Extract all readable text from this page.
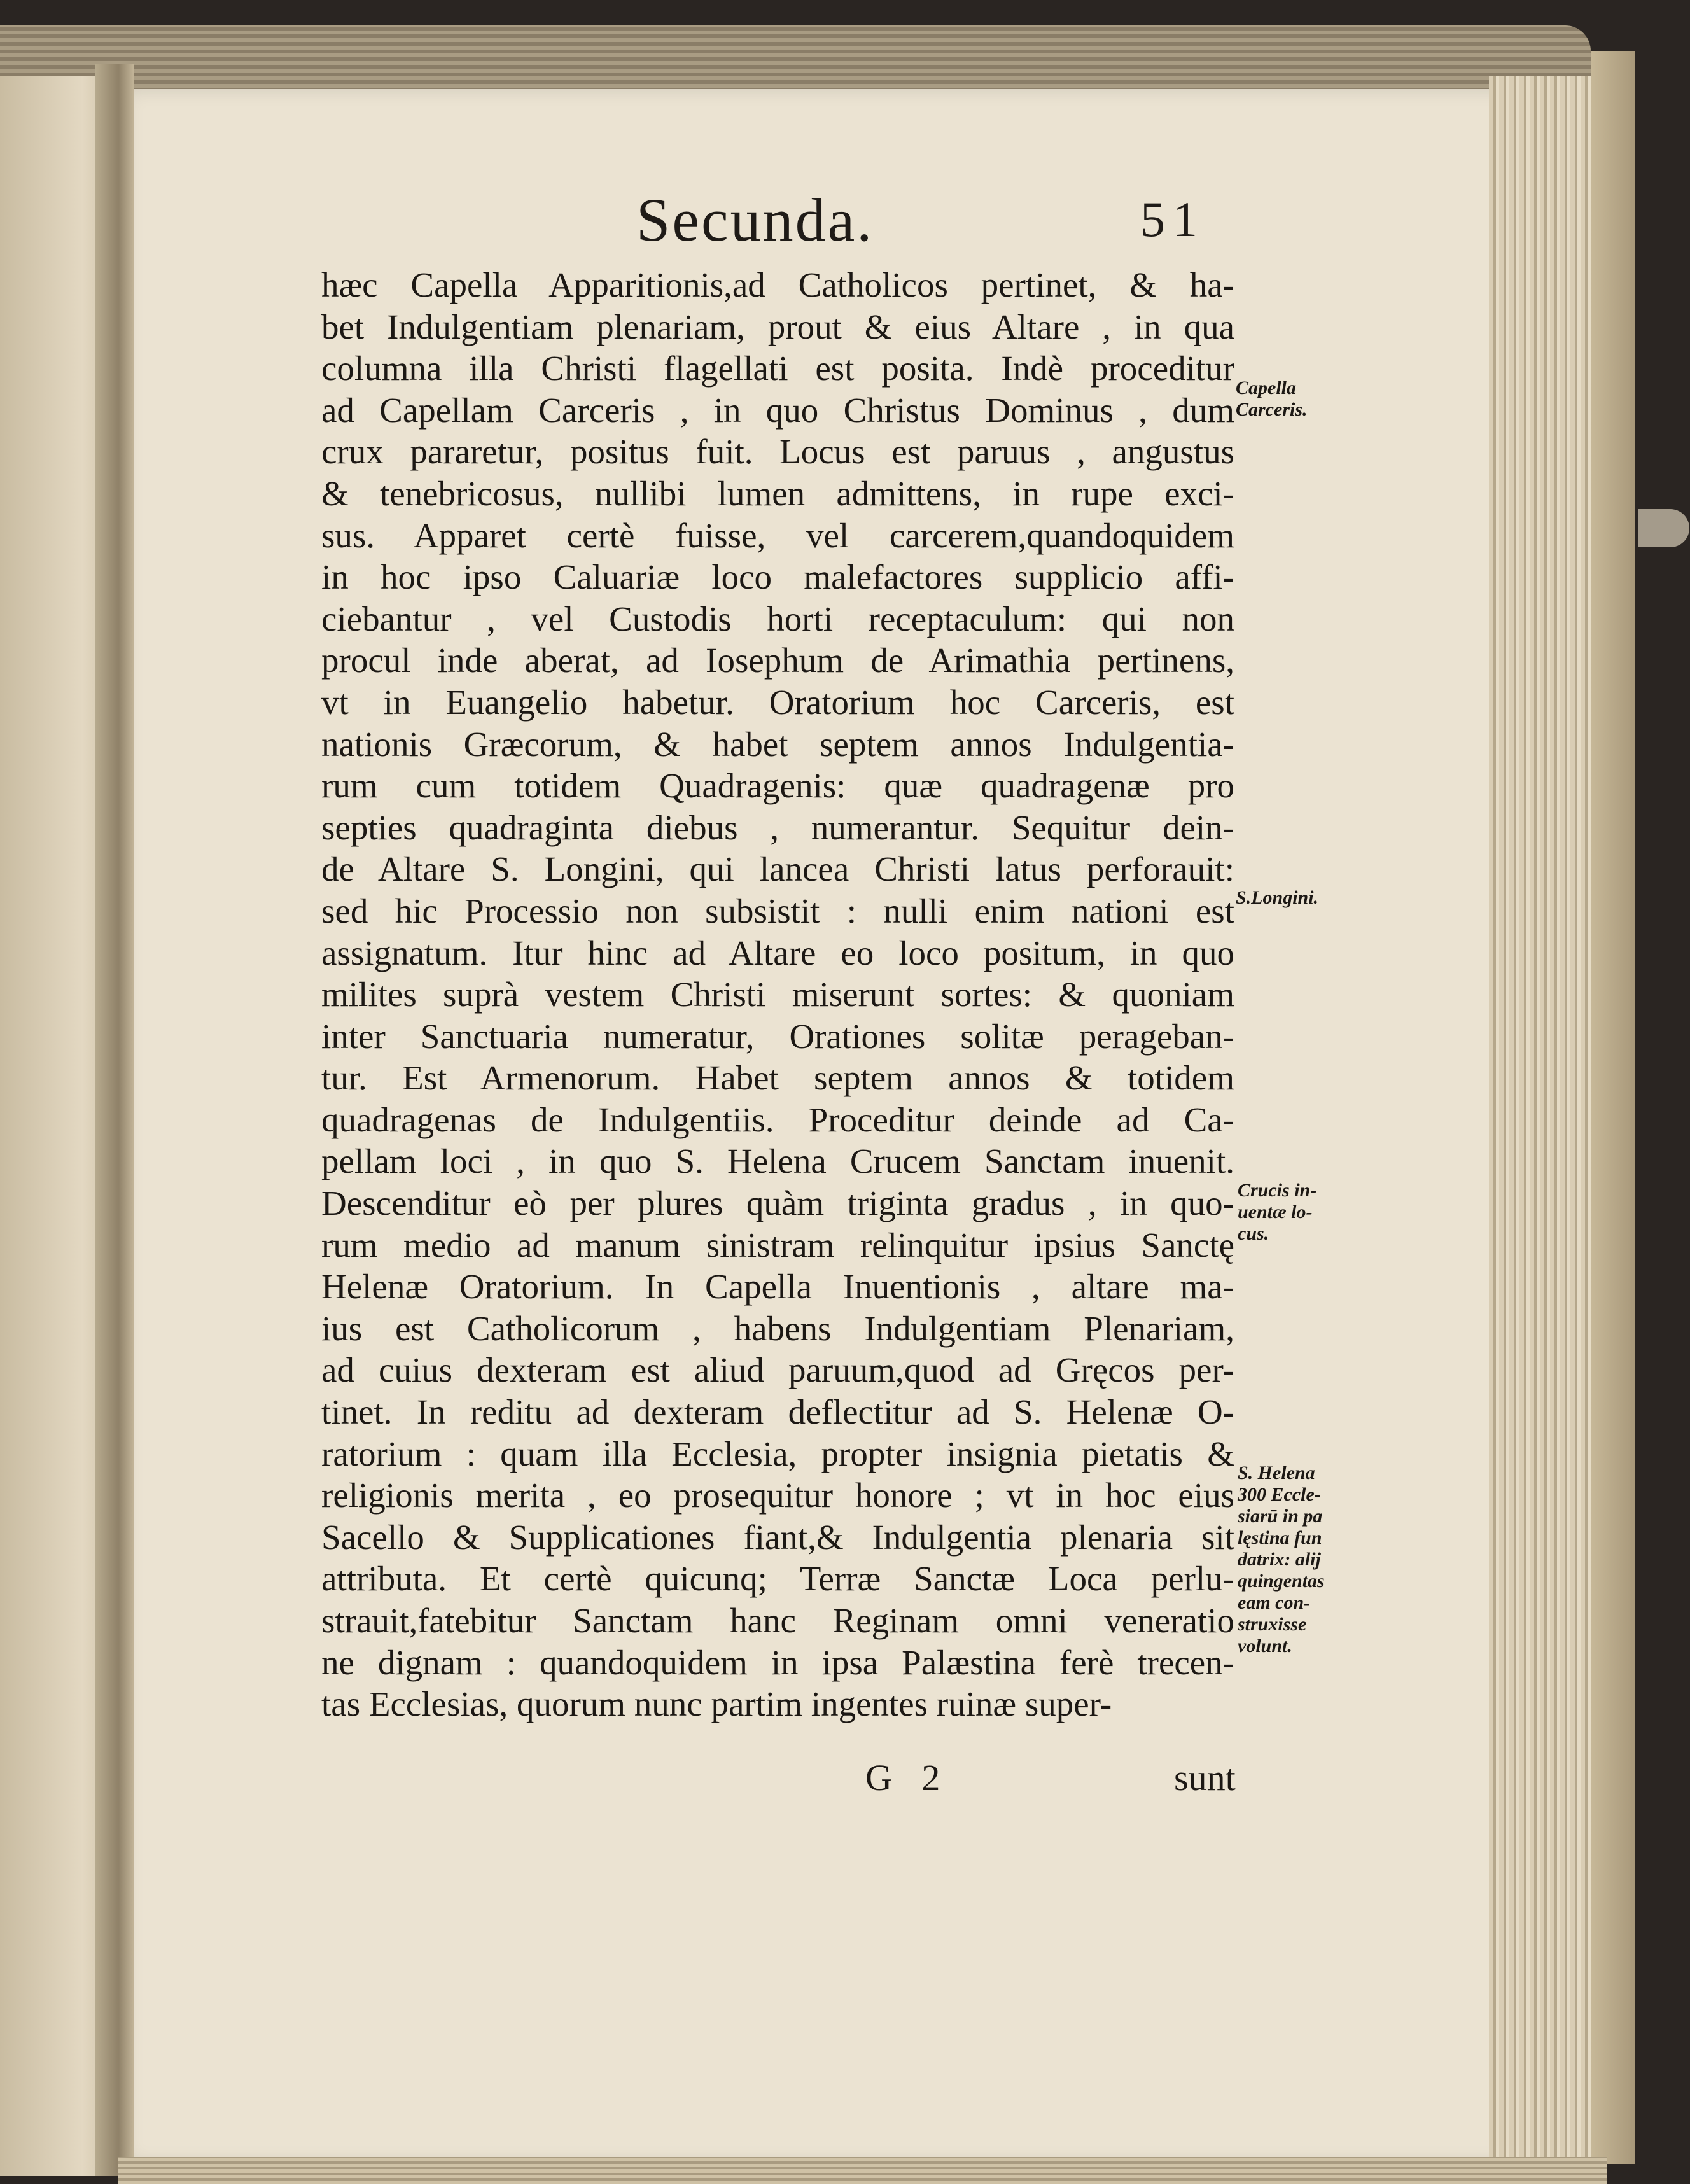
Secunda.	51
hæc Capella Apparitionis,ad Catholicos pertinet, & ha-
bet Indulgentiam plenariam, prout & eius Altare , in qua
columna illa Christi flagellati est posita. Indè proceditur
ad Capellam Carceris , in quo Christus Dominus , dum
crux pararetur, positus fuit. Locus est paruus , angustus
& tenebricosus, nullibi lumen admittens, in rupe exci-
sus. Apparet certè fuisse, vel carcerem,quandoquidem
in hoc ipso Caluariæ loco malefactores supplicio affi-
ciebantur , vel Custodis horti receptaculum: qui non
procul inde aberat, ad Iosephum de Arimathia pertinens,
vt in Euangelio habetur. Oratorium hoc Carceris, est
nationis Græcorum, & habet septem annos Indulgentia-
rum cum totidem Quadragenis: quæ quadragenæ pro
septies quadraginta diebus , numerantur. Sequitur dein-
de Altare S. Longini, qui lancea Christi latus perforauit:
sed hic Processio non subsistit : nulli enim nationi est
assignatum. Itur hinc ad Altare eo loco positum, in quo
milites suprà vestem Christi miserunt sortes: & quoniam
inter Sanctuaria numeratur, Orationes solitæ perageban-
tur. Est Armenorum. Habet septem annos & totidem
quadragenas de Indulgentiis. Proceditur deinde ad Ca-
pellam loci , in quo S. Helena Crucem Sanctam inuenit.
Descenditur eò per plures quàm triginta gradus , in quo-
rum medio ad manum sinistram relinquitur ipsius Sanctę
Helenæ Oratorium. In Capella Inuentionis , altare ma-
ius est Catholicorum , habens Indulgentiam Plenariam,
ad cuius dexteram est aliud paruum,quod ad Gręcos per-
tinet. In reditu ad dexteram deflectitur ad S. Helenæ O-
ratorium : quam illa Ecclesia, propter insignia pietatis &
religionis merita , eo prosequitur honore ; vt in hoc eius
Sacello & Supplicationes fiant,& Indulgentia plenaria sit
attributa. Et certè quicunq; Terræ Sanctæ Loca perlu-
strauit,fatebitur Sanctam hanc Reginam omni veneratio
ne dignam : quandoquidem in ipsa Palæstina ferè trecen-
tas Ecclesias, quorum nunc partim ingentes ruinæ super-
Capella
Carceris.
S.Longini.
Crucis in-
uentæ lo-
cus.
S. Helena
300 Eccle-
siarū in pa
lęstina fun
datrix: alij
quingentas
eam con-
struxisse
volunt.
G 2	sunt
